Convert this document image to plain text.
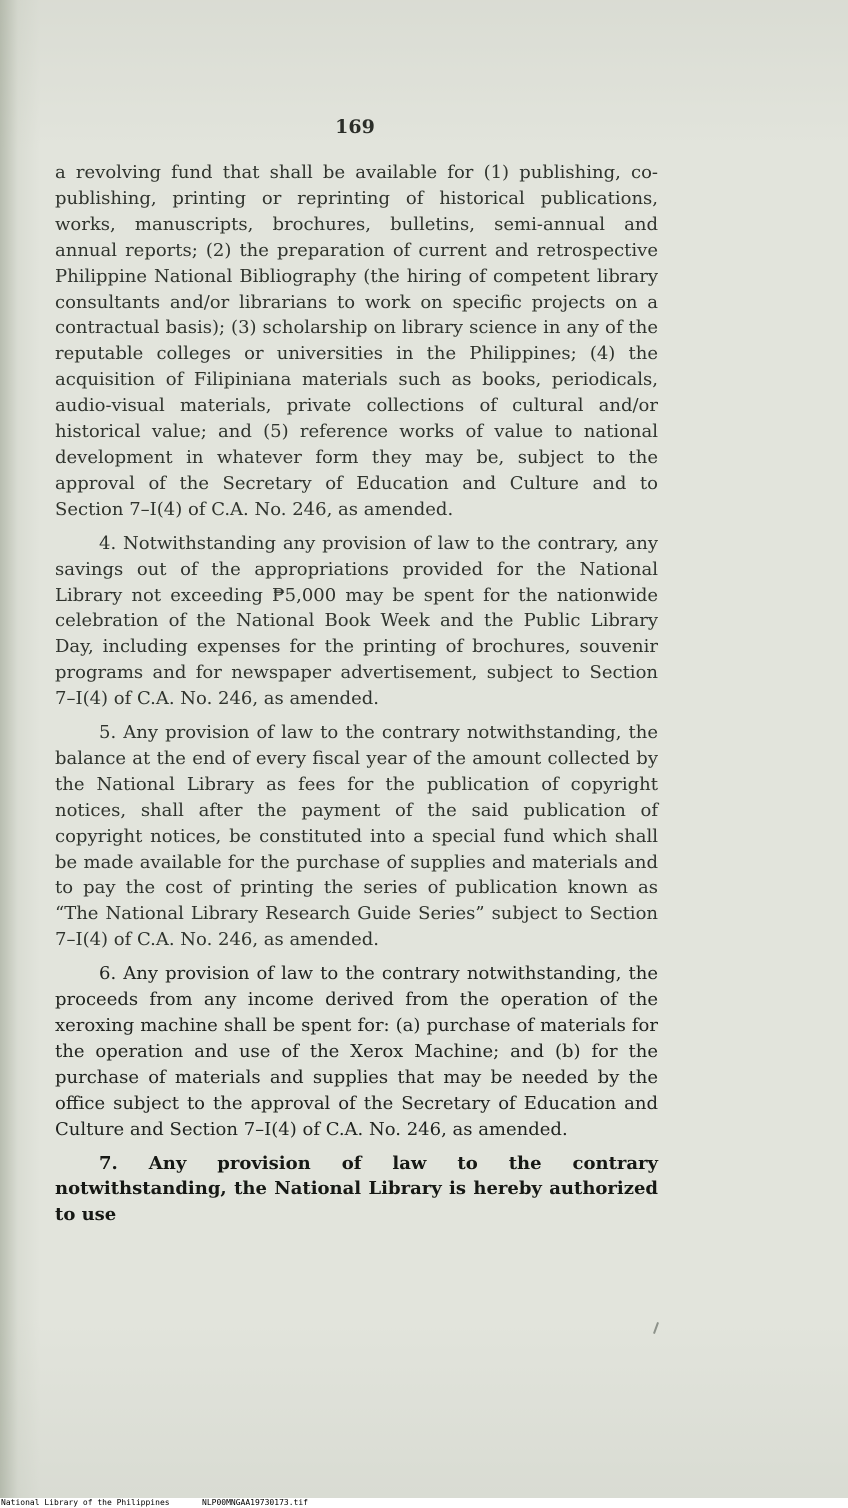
169

a revolving fund that shall be available for (1) publishing, co-publishing, printing or reprinting of historical publications, works, manuscripts, brochures, bulletins, semi-annual and annual reports; (2) the preparation of current and retrospective Philippine National Bibliography (the hiring of competent library consultants and/or librarians to work on specific projects on a contractual basis); (3) scholarship on library science in any of the reputable colleges or universities in the Philippines; (4) the acquisition of Filipiniana materials such as books, periodicals, audio-visual materials, private collections of cultural and/or historical value; and (5) reference works of value to national development in whatever form they may be, subject to the approval of the Secretary of Education and Culture and to Section 7–I(4) of C.A. No. 246, as amended.

4. Notwithstanding any provision of law to the contrary, any savings out of the appropriations provided for the National Library not exceeding ₱5,000 may be spent for the nationwide celebration of the National Book Week and the Public Library Day, including expenses for the printing of brochures, souvenir programs and for newspaper advertisement, subject to Section 7–I(4) of C.A. No. 246, as amended.

5. Any provision of law to the contrary notwithstanding, the balance at the end of every fiscal year of the amount collected by the National Library as fees for the publication of copyright notices, shall after the payment of the said publication of copyright notices, be constituted into a special fund which shall be made available for the purchase of supplies and materials and to pay the cost of printing the series of publication known as “The National Library Research Guide Series” subject to Section 7–I(4) of C.A. No. 246, as amended.

6. Any provision of law to the contrary notwithstanding, the proceeds from any income derived from the operation of the xeroxing machine shall be spent for: (a) purchase of materials for the operation and use of the Xerox Machine; and (b) for the purchase of materials and supplies that may be needed by the office subject to the approval of the Secretary of Education and Culture and Section 7–I(4) of C.A. No. 246, as amended.

7. Any provision of law to the contrary notwithstanding, the National Library is hereby authorized to use

National Library of the Philippines	NLP00MNGAA19730173.tif
